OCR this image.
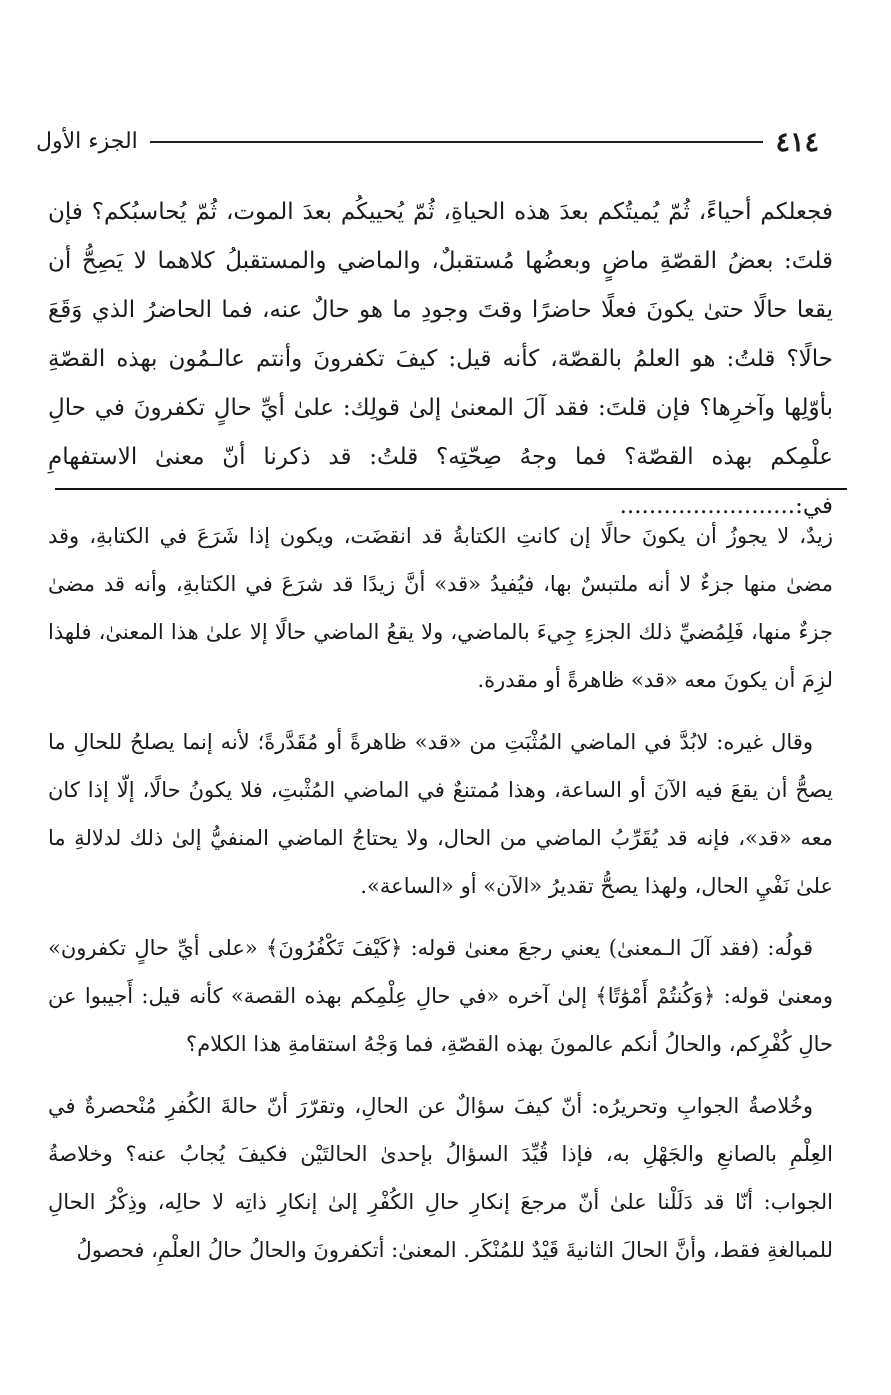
٤١٤
الجزء الأول

فجعلكم أحياءً، ثُمّ يُميتُكم بعدَ هذه الحياةِ، ثُمّ يُحييكُم بعدَ الموت، ثُمّ يُحاسبُكم؟ فإن قلتَ: بعضُ القصّةِ ماضٍ وبعضُها مُستقبلٌ، والماضي والمستقبلُ كلاهما لا يَصِحُّ أن يقعا حالًا حتىٰ يكونَ فعلًا حاضرًا وقتَ وجودِ ما هو حالٌ عنه، فما الحاضرُ الذي وَقَعَ حالًا؟ قلتُ: هو العلمُ بالقصّة، كأنه قيل: كيفَ تكفرونَ وأنتم عالـمُون بهذه القصّةِ بأوّلِها وآخرِها؟ فإن قلتَ: فقد آلَ المعنىٰ إلىٰ قولِك: علىٰ أيِّ حالٍ تكفرونَ في حالِ علْمِكم بهذه القصّة؟ فما وجهُ صِحّتِه؟ قلتُ: قد ذكرنا أنّ معنىٰ الاستفهامِ في:........................

زيدٌ، لا يجوزُ أن يكونَ حالًا إن كانتِ الكتابةُ قد انقضَت، ويكون إذا شَرَعَ في الكتابةِ، وقد مضىٰ منها جزءٌ لا أنه ملتبسٌ بها، فيُفيدُ «قد» أنَّ زيدًا قد شرَعَ في الكتابةِ، وأنه قد مضىٰ جزءٌ منها، فَلِمُضيِّ ذلك الجزءِ جِيءَ بالماضي، ولا يقعُ الماضي حالًا إلا علىٰ هذا المعنىٰ، فلهذا لزِمَ أن يكونَ معه «قد» ظاهرةً أو مقدرة.

وقال غيره: لابُدَّ في الماضي المُثْبَتِ من «قد» ظاهرةً أو مُقَدَّرةً؛ لأنه إنما يصلحُ للحالِ ما يصحُّ أن يقعَ فيه الآنَ أو الساعة، وهذا مُمتنعٌ في الماضي المُثْبتِ، فلا يكونُ حالًا، إلّا إذا كان معه «قد»، فإنه قد يُقَرِّبُ الماضي من الحال، ولا يحتاجُ الماضي المنفيُّ إلىٰ ذلك لدلالةِ ما علىٰ نَفْيِ الحال، ولهذا يصحُّ تقديرُ «الآن» أو «الساعة».

قولُه: (فقد آلَ الـمعنىٰ) يعني رجعَ معنىٰ قوله: ﴿كَيْفَ تَكْفُرُونَ﴾ «على أيِّ حالٍ تكفرون» ومعنىٰ قوله: ﴿وَكُنتُمْ أَمْوَٰتًا﴾ إلىٰ آخره «في حالِ عِلْمِكم بهذه القصة» كأنه قيل: أَجيبوا عن حالِ كُفْرِكم، والحالُ أنكم عالمونَ بهذه القصّةِ، فما وَجْهُ استقامةِ هذا الكلام؟

وخُلاصةُ الجوابِ وتحريرُه: أنّ كيفَ سؤالٌ عن الحالِ، وتقرّرَ أنّ حالةَ الكُفرِ مُنْحصرةٌ في العِلْمِ بالصانعِ والجَهْلِ به، فإذا قُيِّدَ السؤالُ بإحدىٰ الحالتَيْن فكيفَ يُجابُ عنه؟ وخلاصةُ الجواب: أنّا قد دَلَلْنا علىٰ أنّ مرجعَ إنكارِ حالِ الكُفْرِ إلىٰ إنكارِ ذاتِه لا حالِه، وذِكْرُ الحالِ للمبالغةِ فقط، وأنَّ الحالَ الثانيةَ قَيْدٌ للمُنْكَر. المعنىٰ: أتكفرونَ والحالُ حالُ العلْمِ، فحصولُ
